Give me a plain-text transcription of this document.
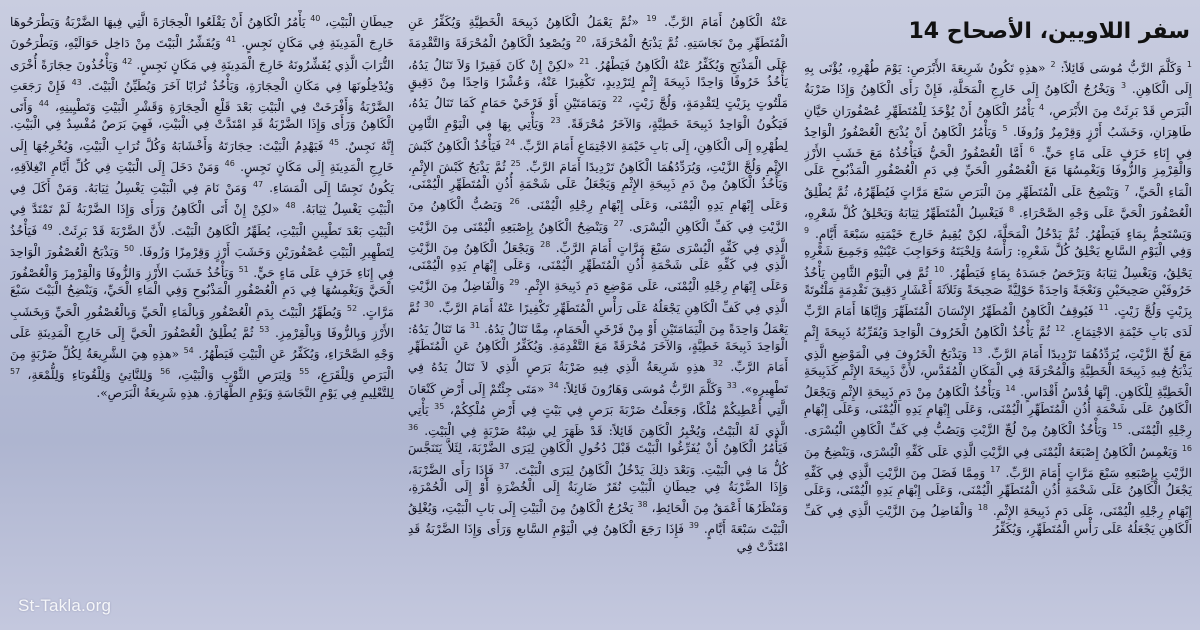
سفر اللاويين، الأصحاح 14
$^1$ وَكَلَّمَ الرَّبُّ مُوسَى قَائِلاً: $^2$ «هذِهِ تَكُونُ شَرِيعَةَ الأَبْرَصِ: يَوْمَ طُهْرِهِ، يُؤْتَى بِهِ إِلَى الْكَاهِنِ. $^3$ وَيَخْرُجُ الْكَاهِنُ إِلَى خَارِجِ الْمَحَلَّةِ، فَإِنْ رَأَى الْكَاهِنُ وَإِذَا ضَرْبَةُ الْبَرَصِ قَدْ بَرِئَتْ مِنَ الأَبْرَصِ، $^4$ يَأْمُرُ الْكَاهِنُ أَنْ يُؤْخَذَ لِلْمُتَطَهِّرِ عُصْفُورَانِ حَيَّانِ طَاهِرَانِ، وَخَشَبُ أَرْزٍ وَقِرْمِزٌ وَزُوفَا. $^5$ وَيَأْمُرُ الْكَاهِنُ أَنْ يُذْبَحَ الْعُصْفُورُ الْوَاحِدُ فِي إِنَاءِ خَزَفٍ عَلَى مَاءٍ حَيٍّ. $^6$ أَمَّا الْعُصْفُورُ الْحَيُّ فَيَأْخُذُهُ مَعَ خَشَبِ الأَرْزِ وَالْقِرْمِزِ وَالزُّوفَا وَيَغْمِسُهَا مَعَ الْعُصْفُورِ الْحَيِّ فِي دَمِ الْعُصْفُورِ الْمَذْبُوحِ عَلَى الْمَاءِ الْحَيِّ، $^7$ وَيَنْضِحُ عَلَى الْمُتَطَهِّرِ مِنَ الْبَرَصِ سَبْعَ مَرَّاتٍ فَيُطَهِّرُهُ، ثُمَّ يُطْلِقُ الْعُصْفُورَ الْحَيَّ عَلَى وَجْهِ الصَّحْرَاءِ. $^8$ فَيَغْسِلُ الْمُتَطَهِّرُ ثِيَابَهُ وَيَحْلِقُ كُلَّ شَعْرِهِ، وَيَسْتَحِمُّ بِمَاءٍ فَيَطْهُرُ. ثُمَّ يَدْخُلُ الْمَحَلَّةَ، لكِنْ يُقِيمُ خَارِجَ خَيْمَتِهِ سَبْعَةَ أَيَّامٍ. $^9$ وَفِي الْيَوْمِ السَّابعِ يَحْلِقُ كُلَّ شَعْرِهِ: رَأْسَهُ وَلِحْيَتَهُ وَحَوَاجِبَ عَيْنَيْهِ وَجَمِيعَ شَعْرِهِ يَحْلِقُ، وَيَغْسِلُ ثِيَابَهُ وَيَرْحَضُ جَسَدَهُ بِمَاءٍ فَيَطْهُرُ. $^{10}$ ثُمَّ فِي الْيَوْمِ الثَّامِنِ يَأْخُذُ خَرُوفَيْنِ صَحِيحَيْنِ وَنَعْجَةً وَاحِدَةً حَوْلِيَّةً صَحِيحَةً وَثَلاَثَةَ أَعْشَارٍ دَقِيقَ تَقْدِمَةٍ مَلْتُوتَةً بِزَيْتٍ وَلُجَّ زَيْتٍ. $^{11}$ فَيُوقِفُ الْكَاهِنُ الْمُطَهِّرُ الإِنْسَانَ الْمُتَطَهِّرَ وَإِيَّاهَا أَمَامَ الرَّبِّ لَدَى بَابِ خَيْمَةِ الاجْتِمَاعِ. $^{12}$ ثُمَّ يَأْخُذُ الْكَاهِنُ الْخَرُوفَ الْوَاحِدَ وَيُقَرِّبُهُ ذَبِيحَةَ إِثْمٍ مَعَ لُجِّ الزَّيْتِ، يُرَدِّدُهُمَا تَرْدِيدًا أَمَامَ الرَّبِّ. $^{13}$ وَيَذْبَحُ الْخَرُوفَ فِي الْمَوْضِعِ الَّذِي يَذْبَحُ فِيهِ ذَبِيحَةَ الْخَطِيَّةِ وَالْمُحْرَقَةَ فِي الْمَكَانِ الْمُقَدَّسِ، لأَنَّ ذَبِيحَةَ الإِثْمِ كَذَبِيحَةِ الْخَطِيَّةِ لِلْكَاهِنِ. إِنَّهَا قُدْسُ أَقْدَاسٍ. $^{14}$ وَيَأْخُذُ الْكَاهِنُ مِنْ دَمِ ذَبِيحَةِ الإِثْمِ وَيَجْعَلُ الْكَاهِنُ عَلَى شَحْمَةِ أُذُنِ الْمُتَطَهِّرِ الْيُمْنَى، وَعَلَى إِبْهَامِ يَدِهِ الْيُمْنَى، وَعَلَى إِبْهَامِ رِجْلِهِ الْيُمْنَى. $^{15}$ وَيَأْخُذُ الْكَاهِنُ مِنْ لُجِّ الزَّيْتِ وَيَصُبُّ فِي كَفِّ الْكَاهِنِ الْيُسْرَى. $^{16}$ وَيَغْمِسُ الْكَاهِنُ إِصْبَعَهُ الْيُمْنَى فِي الزَّيْتِ الَّذِي عَلَى كَفِّهِ الْيُسْرَى، وَيَنْضِحُ مِنَ الزَّيْتِ بِإِصْبَعِهِ سَبْعَ مَرَّاتٍ أَمَامَ الرَّبِّ. $^{17}$ وَمِمَّا فَضَلَ مِنَ الزَّيْتِ الَّذِي فِي كَفِّهِ يَجْعَلُ الْكَاهِنُ عَلَى شَحْمَةِ أُذُنِ الْمُتَطَهِّرِ الْيُمْنَى، وَعَلَى إِبْهَامِ يَدِهِ الْيُمْنَى، وَعَلَى إِبْهَامِ رِجْلِهِ الْيُمْنَى، عَلَى دَمِ ذَبِيحَةِ الإِثْمِ. $^{18}$ وَالْفَاضِلُ مِنَ الزَّيْتِ الَّذِي فِي كَفِّ الْكَاهِنِ يَجْعَلُهُ عَلَى رَأْسِ الْمُتَطَهِّرِ، وَيُكَفِّرُ
عَنْهُ الْكَاهِنُ أَمَامَ الرَّبِّ. $^{19}$ «ثُمَّ يَعْمَلُ الْكَاهِنُ ذَبِيحَةَ الْخَطِيَّةِ وَيُكَفِّرُ عَنِ الْمُتَطَهِّرِ مِنْ نَجَاسَتِهِ. ثُمَّ يَذْبَحُ الْمُحْرَقَةَ، $^{20}$ وَيُصْعِدُ الْكَاهِنُ الْمُحْرَقَةَ وَالتَّقْدِمَةَ عَلَى الْمَذْبَحِ وَيُكَفِّرُ عَنْهُ الْكَاهِنُ فَيَطْهُرُ. $^{21}$ «لكِنْ إِنْ كَانَ فَقِيرًا وَلاَ تَنَالُ يَدُهُ، يَأْخُذُ خَرُوفًا وَاحِدًا ذَبِيحَةَ إِثْمٍ لِتَرْدِيدٍ، تَكْفِيرًا عَنْهُ، وَعُشْرًا وَاحِدًا مِنْ دَقِيقٍ مَلْتُوتٍ بِزَيْتٍ لِتَقْدِمَةٍ، وَلُجَّ زَيْتٍ، $^{22}$ وَيَمَامَتَيْنِ أَوْ فَرْخَيْ حَمَامٍ كَمَا تَنَالُ يَدُهُ، فَيَكُونُ الْوَاحِدُ ذَبِيحَةَ خَطِيَّةٍ، وَالآخَرُ مُحْرَقَةً. $^{23}$ وَيَأْتِي بِهَا فِي الْيَوْمِ الثَّامِنِ لِطُهْرِهِ إِلَى الْكَاهِنِ، إِلَى بَابِ خَيْمَةِ الاجْتِمَاعِ أَمَامَ الرَّبِّ. $^{24}$ فَيَأْخُذُ الْكَاهِنُ كَبْشَ الإِثْمِ وَلُجَّ الزَّيْتِ، وَيُرَدِّدُهُمَا الْكَاهِنُ تَرْدِيدًا أَمَامَ الرَّبِّ. $^{25}$ ثُمَّ يَذْبَحُ كَبْشَ الإِثْمِ، وَيَأْخُذُ الْكَاهِنُ مِنْ دَمِ ذَبِيحَةِ الإِثْمِ وَيَجْعَلُ عَلَى شَحْمَةِ أُذُنِ الْمُتَطَهِّرِ الْيُمْنَى، وَعَلَى إِبْهَامِ يَدِهِ الْيُمْنَى، وَعَلَى إِبْهَامِ رِجْلِهِ الْيُمْنَى. $^{26}$ وَيَصُبُّ الْكَاهِنُ مِنَ الزَّيْتِ فِي كَفِّ الْكَاهِنِ الْيُسْرَى. $^{27}$ وَيَنْضِحُ الْكَاهِنُ بِإِصْبَعِهِ الْيُمْنَى مِنَ الزَّيْتِ الَّذِي فِي كَفِّهِ الْيُسْرَى سَبْعَ مَرَّاتٍ أَمَامَ الرَّبِّ. $^{28}$ وَيَجْعَلُ الْكَاهِنُ مِنَ الزَّيْتِ الَّذِي فِي كَفِّهِ عَلَى شَحْمَةِ أُذُنِ الْمُتَطَهِّرِ الْيُمْنَى، وَعَلَى إِبْهَامِ يَدِهِ الْيُمْنَى، وَعَلَى إِبْهَامِ رِجْلِهِ الْيُمْنَى، عَلَى مَوْضِعِ دَمِ ذَبِيحَةِ الإِثْمِ. $^{29}$ وَالْفَاضِلُ مِنَ الزَّيْتِ الَّذِي فِي كَفِّ الْكَاهِنِ يَجْعَلُهُ عَلَى رَأْسِ الْمُتَطَهِّرِ تَكْفِيرًا عَنْهُ أَمَامَ الرَّبِّ. $^{30}$ ثُمَّ يَعْمَلُ وَاحِدَةً مِنَ الْيَمَامَتَيْنِ أَوْ مِنْ فَرْخَيِ الْحَمَامِ، مِمَّا تَنَالُ يَدُهُ. $^{31}$ مَا تَنَالُ يَدُهُ: الْوَاحِدَ ذَبِيحَةَ خَطِيَّةٍ، وَالآخَرَ مُحْرَقَةً مَعَ التَّقْدِمَةِ. وَيُكَفِّرُ الْكَاهِنُ عَنِ الْمُتَطَهِّرِ أَمَامَ الرَّبِّ. $^{32}$ هذِهِ شَرِيعَةُ الَّذِي فِيهِ ضَرْبَةُ بَرَصٍ الَّذِي لاَ تَنَالُ يَدُهُ فِي تَطْهِيرِهِ». $^{33}$ وَكَلَّمَ الرَّبُّ مُوسَى وَهَارُونَ قَائِلاً: $^{34}$ «مَتَى جِئْتُمْ إِلَى أَرْضِ كَنْعَانَ الَّتِي أُعْطِيكُمْ مُلْكًا، وَجَعَلْتُ ضَرْبَةَ بَرَصٍ فِي بَيْتٍ فِي أَرْضِ مُلْكِكُمْ، $^{35}$ يَأْتِي الَّذِي لَهُ الْبَيْتُ، وَيُخْبِرُ الْكَاهِنَ قَائِلاً: قَدْ ظَهَرَ لِي شِبْهُ ضَرْبَةٍ فِي الْبَيْتِ. $^{36}$ فَيَأْمُرُ الْكَاهِنُ أَنْ يُفَرِّغُوا الْبَيْتَ قَبْلَ دُخُولِ الْكَاهِنِ لِيَرَى الضَّرْبَةَ، لِئَلاَّ يَتَنَجَّسَ كُلُّ مَا فِي الْبَيْتِ. وَبَعْدَ ذلِكَ يَدْخُلُ الْكَاهِنُ لِيَرَى الْبَيْتَ. $^{37}$ فَإِذَا رَأَى الضَّرْبَةَ، وَإِذَا الضَّرْبَةُ فِي حِيطَانِ الْبَيْتِ نُقَرٌ ضَارِبَةٌ إِلَى الْخُضْرَةِ أَوْ إِلَى الْحُمْرَةِ، وَمَنْظَرُهَا أَعْمَقُ مِنَ الْحَائِطِ، $^{38}$ يَخْرُجُ الْكَاهِنُ مِنَ الْبَيْتِ إِلَى بَابِ الْبَيْتِ، وَيُغْلِقُ الْبَيْتَ سَبْعَةَ أَيَّامٍ. $^{39}$ فَإِذَا رَجَعَ الْكَاهِنُ فِي الْيَوْمِ السَّابعِ وَرَأَى وَإِذَا الضَّرْبَةُ قَدِ امْتَدَّتْ فِي
حِيطَانِ الْبَيْتِ، $^{40}$ يَأْمُرُ الْكَاهِنُ أَنْ يَقْلَعُوا الْحِجَارَةَ الَّتِي فِيهَا الضَّرْبَةُ وَيَطْرَحُوهَا خَارِجَ الْمَدِينَةِ فِي مَكَانٍ نَجِسٍ. $^{41}$ وَيُقَشِّرُ الْبَيْتَ مِنْ دَاخِل حَوَالَيْهِ، وَيَطْرَحُونَ التُّرَابَ الَّذِي يُقَشِّرُونَهُ خَارِجَ الْمَدِينَةِ فِي مَكَانٍ نَجِسٍ. $^{42}$ وَيَأْخُذُونَ حِجَارَةً أُخْرَى وَيُدْخِلُونَهَا فِي مَكَانِ الْحِجَارَةِ، وَيَأْخُذُ تُرَابًا آخَرَ وَيُطَيِّنُ الْبَيْتَ. $^{43}$ فَإِنْ رَجَعَتِ الضَّرْبَةُ وَأَفْرَخَتْ فِي الْبَيْتِ بَعْدَ قَلْعِ الْحِجَارَةِ وَقَشْرِ الْبَيْتِ وَتَطْيِينِهِ، $^{44}$ وَأَتَى الْكَاهِنُ وَرَأَى وَإِذَا الضَّرْبَةُ قَدِ امْتَدَّتْ فِي الْبَيْتِ، فَهِيَ بَرَصٌ مُفْسِدٌ فِي الْبَيْتِ. إِنَّهُ نَجِسٌ. $^{45}$ فَيَهْدِمُ الْبَيْتَ: حِجَارَتَهُ وَأَخْشَابَهُ وَكُلَّ تُرَابِ الْبَيْتِ، وَيُخْرِجُهَا إِلَى خَارِجِ الْمَدِينَةِ إِلَى مَكَانٍ نَجِسٍ. $^{46}$ وَمَنْ دَخَلَ إِلَى الْبَيْتِ فِي كُلِّ أَيَّامِ انْغِلاَقِهِ، يَكُونُ نَجِسًا إِلَى الْمَسَاءِ. $^{47}$ وَمَنْ نَامَ فِي الْبَيْتِ يَغْسِلُ ثِيَابَهُ. وَمَنْ أَكَلَ فِي الْبَيْتِ يَغْسِلُ ثِيَابَهُ. $^{48}$ «لكِنْ إِنْ أَتَى الْكَاهِنُ وَرَأَى وَإِذَا الضَّرْبَةُ لَمْ تَمْتَدَّ فِي الْبَيْتِ بَعْدَ تَطْيِينِ الْبَيْتِ، يُطَهِّرُ الْكَاهِنُ الْبَيْتَ. لأَنَّ الضَّرْبَةَ قَدْ بَرِئَتْ. $^{49}$ فَيَأْخُذُ لِتَطْهِيرِ الْبَيْتِ عُصْفُورَيْنِ وَخَشَبَ أَرْزٍ وَقِرْمِزًا وَزُوفَا. $^{50}$ وَيَذْبَحُ الْعُصْفُورَ الْوَاحِدَ فِي إِنَاءِ خَزَفٍ عَلَى مَاءٍ حَيٍّ. $^{51}$ وَيَأْخُذُ خَشَبَ الأَرْزِ وَالزُّوفَا وَالْقِرْمِزَ وَالْعُصْفُورَ الْحَيَّ وَيَغْمِسُهَا فِي دَمِ الْعُصْفُورِ الْمَذْبُوحِ وَفِي الْمَاءِ الْحَيِّ، وَيَنْضِحُ الْبَيْتَ سَبْعَ مَرَّاتٍ. $^{52}$ وَيُطَهِّرُ الْبَيْتَ بِدَمِ الْعُصْفُورِ وَبِالْمَاءِ الْحَيِّ وَبِالْعُصْفُورِ الْحَيِّ وَبِخَشَبِ الأَرْزِ وَبِالزُّوفَا وَبِالْقِرْمِزِ. $^{53}$ ثُمَّ يُطْلِقُ الْعُصْفُورَ الْحَيَّ إِلَى خَارِجِ الْمَدِينَةِ عَلَى وَجْهِ الصَّحْرَاءِ، وَيُكَفِّرُ عَنِ الْبَيْتِ فَيَطْهُرُ. $^{54}$ «هذِهِ هِيَ الشَّرِيعَةُ لِكُلِّ ضَرْبَةٍ مِنَ الْبَرَصِ وَلِلْقَرَعِ، $^{55}$ وَلِبَرَصِ الثَّوْبِ وَالْبَيْتِ، $^{56}$ وَلِلنَّاتِئِ وَلِلْقُوبَاءِ وَلِلُّمْعَةِ، $^{57}$ لِلتَّعْلِيمِ فِي يَوْمِ النَّجَاسَةِ وَيَوْمِ الطَّهَارَةِ. هذِهِ شَرِيعَةُ الْبَرَصِ».
St-Takla.org
